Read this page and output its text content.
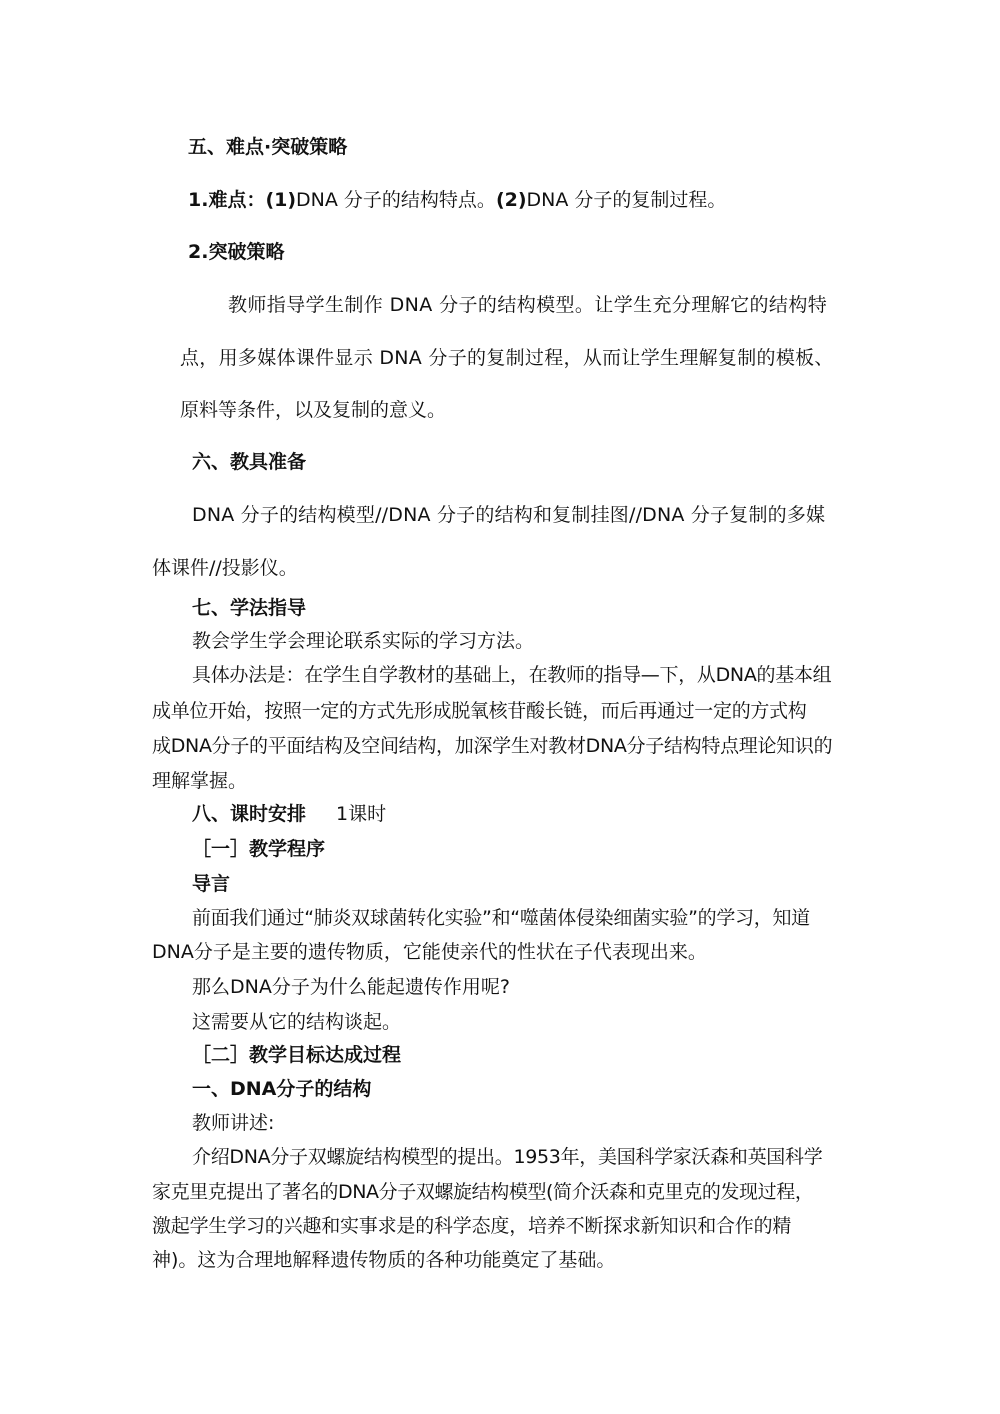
五、难点·突破策略
1.难点：(1)DNA 分子的结构特点。(2)DNA 分子的复制过程。
2.突破策略
教师指导学生制作 DNA 分子的结构模型。让学生充分理解它的结构特
点，用多媒体课件显示 DNA 分子的复制过程，从而让学生理解复制的模板、
原料等条件，以及复制的意义。
六、教具准备
DNA 分子的结构模型//DNA 分子的结构和复制挂图//DNA 分子复制的多媒
体课件//投影仪。
七、学法指导
教会学生学会理论联系实际的学习方法。
具体办法是：在学生自学教材的基础上，在教师的指导—下，从DNA的基本组
成单位开始，按照一定的方式先形成脱氧核苷酸长链，而后再通过一定的方式构
成DNA分子的平面结构及空间结构，加深学生对教材DNA分子结构特点理论知识的
理解掌握。
八、课时安排 1课时
［一］教学程序
导言
前面我们通过“肺炎双球菌转化实验”和“噬菌体侵染细菌实验”的学习，知道
DNA分子是主要的遗传物质，它能使亲代的性状在子代表现出来。
那么DNA分子为什么能起遗传作用呢?
这需要从它的结构谈起。
［二］教学目标达成过程
一、DNA分子的结构
教师讲述:
介绍DNA分子双螺旋结构模型的提出。1953年，美国科学家沃森和英国科学
家克里克提出了著名的DNA分子双螺旋结构模型(简介沃森和克里克的发现过程，
激起学生学习的兴趣和实事求是的科学态度，培养不断探求新知识和合作的精
神)。这为合理地解释遗传物质的各种功能奠定了基础。
